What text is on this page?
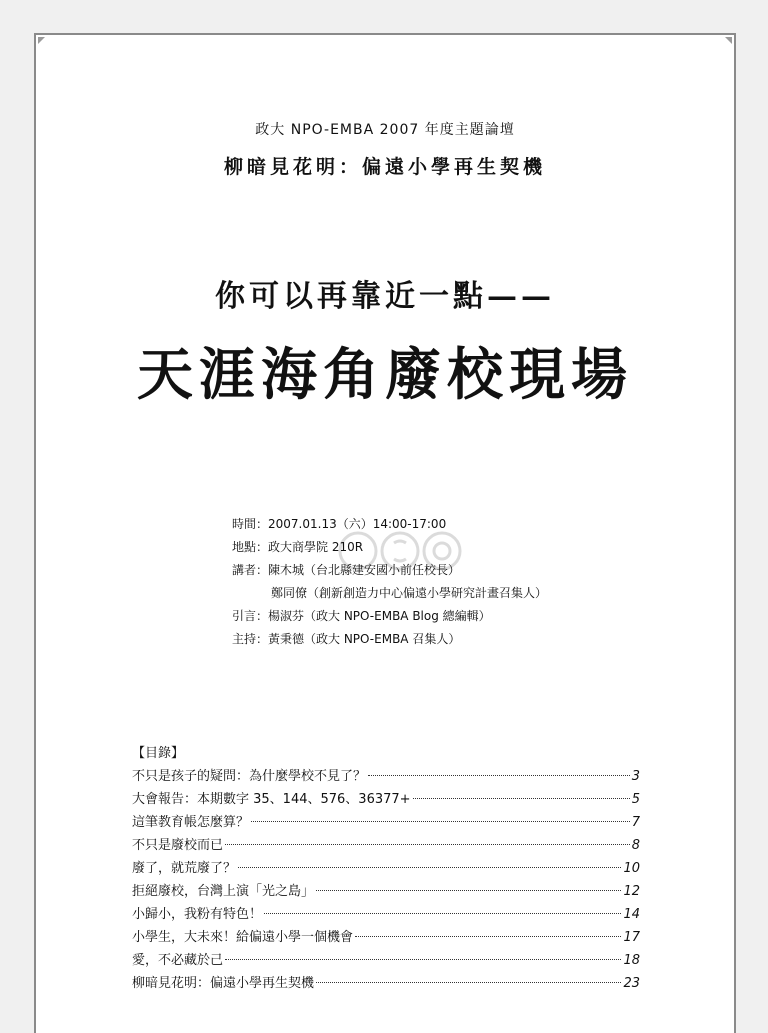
政大 NPO-EMBA 2007 年度主題論壇
柳暗見花明：偏遠小學再生契機
你可以再靠近一點——
天涯海角廢校現場
時間：2007.01.13（六）14:00-17:00
地點：政大商學院 210R
講者：陳木城（台北縣建安國小前任校長）
鄭同僚（創新創造力中心偏遠小學研究計畫召集人）
引言：楊淑芬（政大 NPO-EMBA Blog 總編輯）
主持：黃秉德（政大 NPO-EMBA 召集人）
【目錄】
不只是孩子的疑問：為什麼學校不見了？	3
大會報告：本期數字 35、144、576、36377+	5
這筆教育帳怎麼算？	7
不只是廢校而已	8
廢了，就荒廢了？	10
拒絕廢校，台灣上演「光之島」	12
小歸小，我粉有特色！	14
小學生，大未來！給偏遠小學一個機會	17
愛，不必藏於己	18
柳暗見花明：偏遠小學再生契機	23
